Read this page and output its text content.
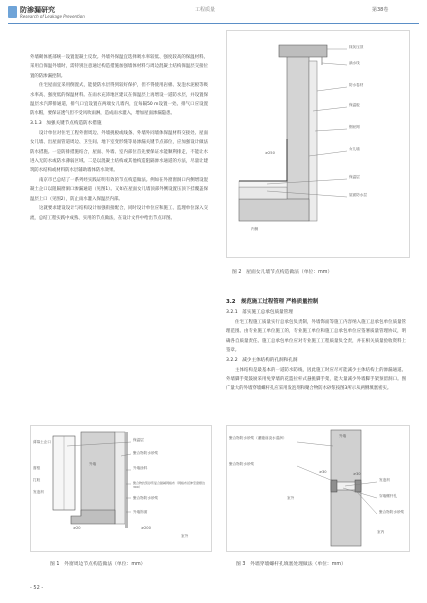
防渗漏研究
Research of Leakage Prevention
工程质量	第38卷

外墙砌体底部统一设置混凝土反坎。外墙外保温宜选择吸水率较低、强度较高的保温材料。采用自保温外墙时，需特别注意通过构造措施加强墙体材料与周边混凝土结构保温层交接位置的防渗漏控制。

住宅屋面宜采用倒置式，能使防水层得到较好保护，但不得使用岩棉、发泡水泥板等吸水率高、强度低的保温材料。在雨水充沛地区建议在保温层上再增设一道防水层，并设置保温层水汽滞排通道，排气口宜设置在两端女儿墙内，宜每隔50 m设置一处。排气口应设置防水帽，要保证透气但不受风吹雨淋，造成雨水灌入，增加屋面渗漏隐患。

3.1.3　加强关键节点构造防水措施

设计单位对住宅工程外窗周边、外墙挑板或线条、外墙外同墙体保温材料交接处、屋面女儿墙、出屋面管道周边、卫生间、地下室变形缝等易渗漏关键节点部位，应加强设计做法防水措施。一是防排措施结合，屋面、外墙、室内部位首先要保证水能顺利排走，不能让水进入无防水或防水薄弱区域。二是以混凝土结构或其他构造阻隔渗水通道的方法，尽量让建筑防水结构或材料防水层辅助墙体防水效果。

南京市已总结了一系列经实践证明有效的节点构造做法。例如在外窗窗洞口内侧增设混凝土企口以阻隔窗洞口渗漏通道（见图1）。又如在屋面女儿墙顶部外侧设置压顶下挂覆盖保温层上口（见图2），防止雨水灌入保温层内部。

这就要求建设设计与结构设计加强衔接配合，同时设计单位应和施工、监理单位深入交流，总结工程实践中成熟、实用的节点做法，在设计文件中给出节点详图。

抹灰压顶
滴水线
防水卷材
保温板
钢丝网
女儿墙
保温层
屋面防水层
≥250
内侧
图 2　屋面女儿墙节点构造做法（单位：mm）

3.2　规范施工过程管理 严格质量控制

3.2.1　落实施工总承包质量管理

住宅工程施工质量实行总承包负责制，外墙饰面等施工内容纳入施工总承包单位质量管理范围。由专业施工单位施工的，专业施工单位和施工总承包单位应签署质量管理协议，明确各自质量责任。施工总承包单位应对专业施工工程质量负全责，并在相关质量验收资料上签章。

3.2.2　减少主体结构的孔洞和孔洞

主体结构是最基本的一道防水防线，因此施工时应尽可能减少主体结构上的渗漏通道。外墙脚手架鼓励采用免穿墙的花篮拉杆式悬挑脚手架，能大量减少外墙脚手架预留洞口。图广量大的外墙穿墙螺杆孔应采用发泡剂和聚合物防水砂浆按图3所示从两侧填塞密实。

薄幕土企口	保温层
聚合物防水砂浆
外墙涂料
窗框
打胶
发泡剂
外墙
≥20
室外
聚合物抗裂砂浆复合耐碱网格布（网格布延伸至窗框边300）
聚合物防水砂浆
外墙饰面
≥200
图 1　外窗周边节点构造做法（单位：mm）
聚合物防水砂浆（灌缝前浇水湿润）
聚合物防水砂浆
外墙
室外
≥30
发泡剂
穿墙螺杆孔
聚合物防水砂浆
室内
≥30
图 3　外墙穿墙螺杆孔填塞处理做法（单位：mm）
- 52 -
